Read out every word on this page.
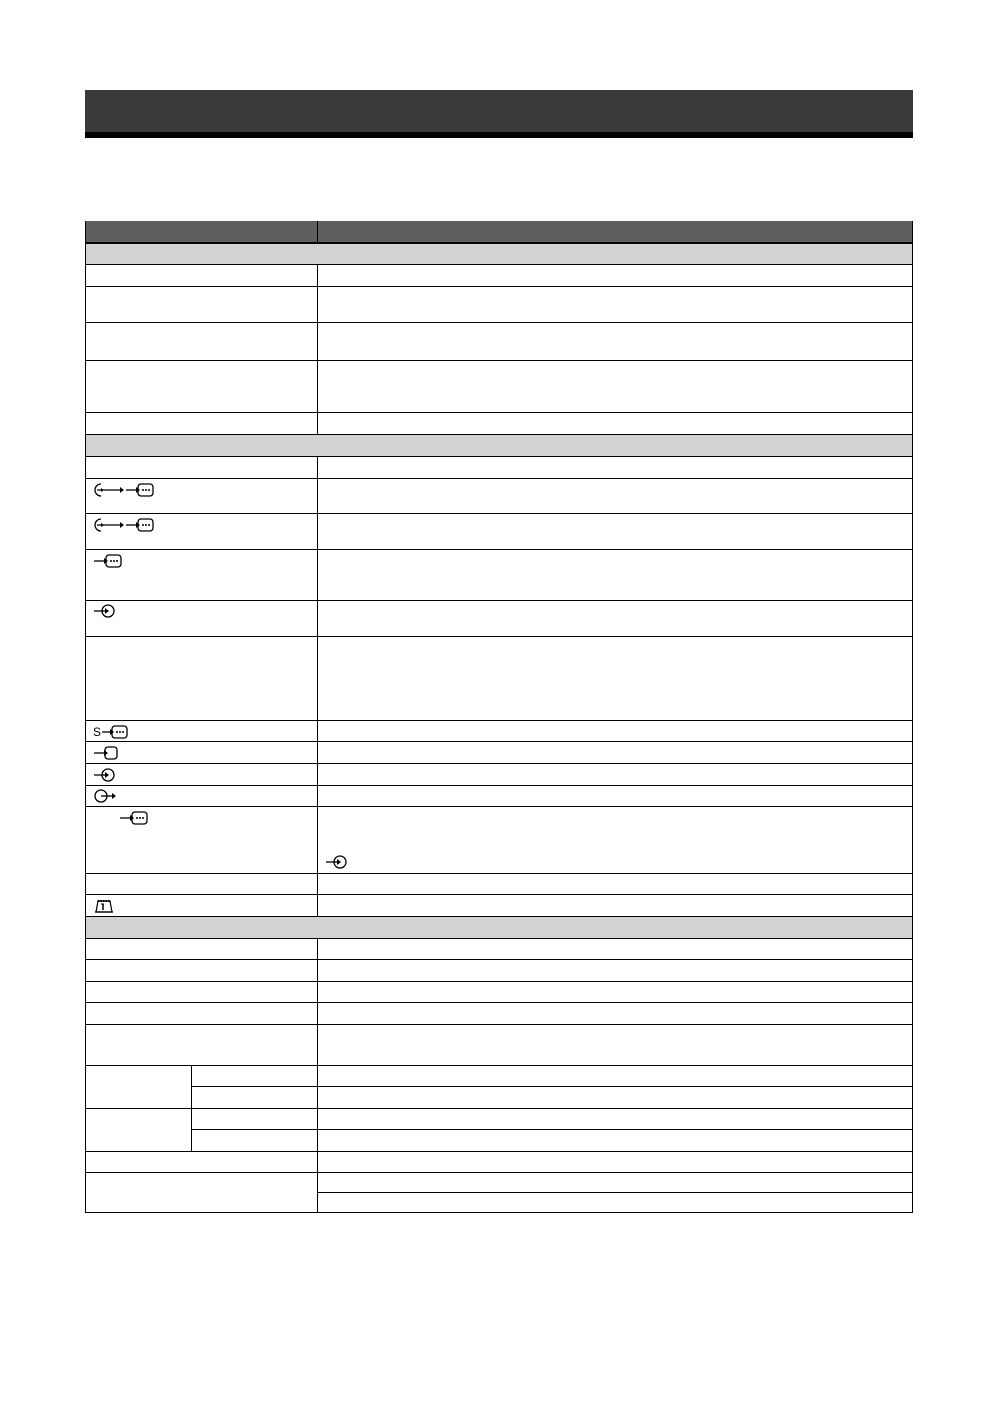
S
